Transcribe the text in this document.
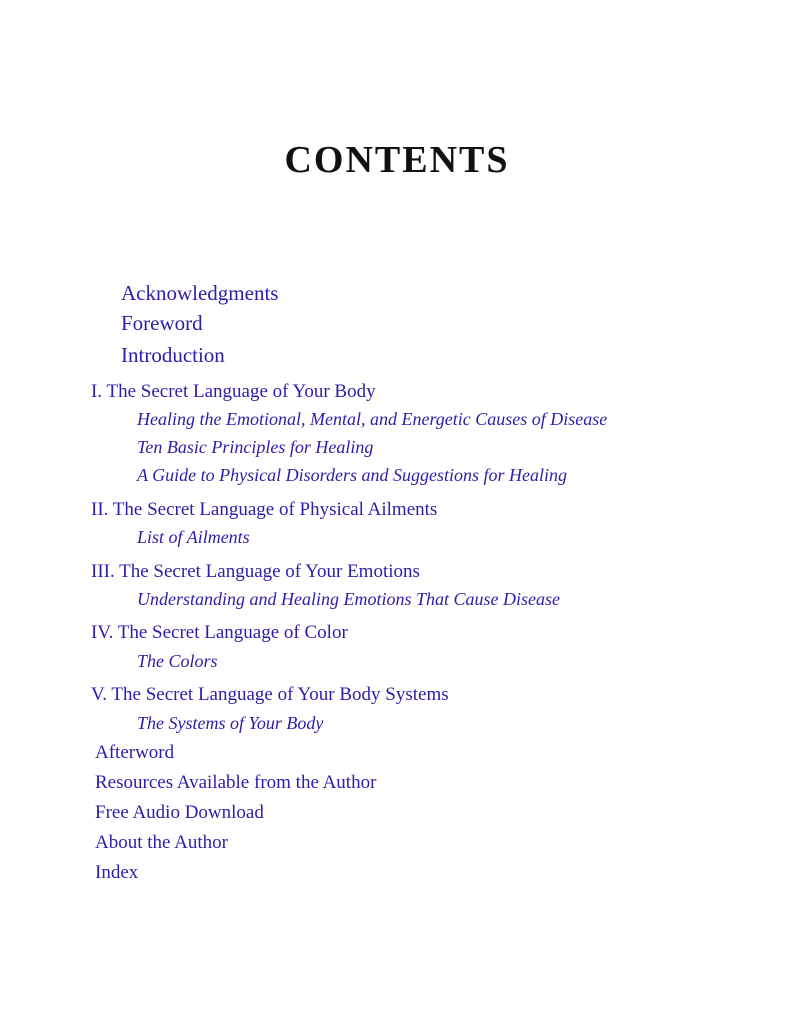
CONTENTS
Acknowledgments
Foreword
Introduction
I. The Secret Language of Your Body
Healing the Emotional, Mental, and Energetic Causes of Disease
Ten Basic Principles for Healing
A Guide to Physical Disorders and Suggestions for Healing
II. The Secret Language of Physical Ailments
List of Ailments
III. The Secret Language of Your Emotions
Understanding and Healing Emotions That Cause Disease
IV. The Secret Language of Color
The Colors
V. The Secret Language of Your Body Systems
The Systems of Your Body
Afterword
Resources Available from the Author
Free Audio Download
About the Author
Index
